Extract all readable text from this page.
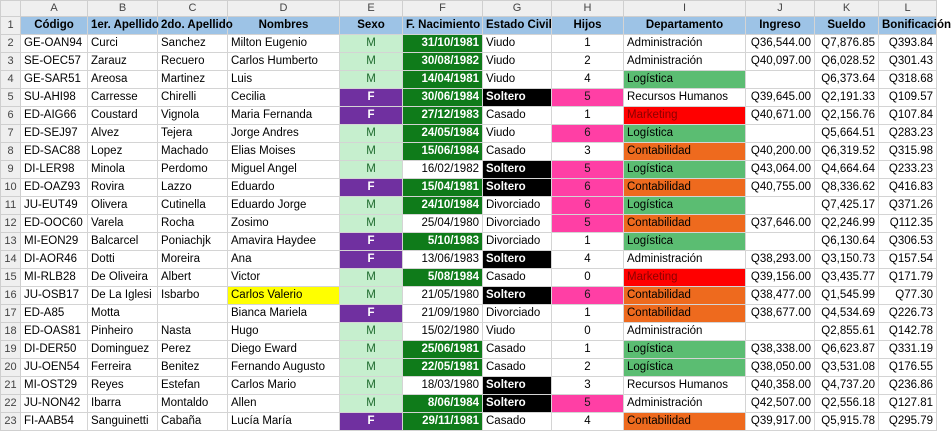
	A	B	C	D	E	F	G	H	I	J	K	L
1	Código	1er. Apellido	2do. Apellido	Nombres	Sexo	F. Nacimiento	Estado Civil	Hijos	Departamento	Ingreso	Sueldo	Bonificación
2	GE-OAN94	Curci	Sanchez	Milton Eugenio	M	31/10/1981	Viudo	1	Administración	Q36,544.00	Q7,876.85	Q393.84
3	SE-OEC57	Zarauz	Recuero	Carlos Humberto	M	30/08/1982	Viudo	2	Administración	Q40,097.00	Q6,028.52	Q301.43
4	GE-SAR51	Areosa	Martinez	Luis	M	14/04/1981	Viudo	4	Logística		Q6,373.64	Q318.68
5	SU-AHI98	Carresse	Chirelli	Cecilia	F	30/06/1984	Soltero	5	Recursos Humanos	Q39,645.00	Q2,191.33	Q109.57
6	ED-AIG66	Coustard	Vignola	Maria Fernanda	F	27/12/1983	Casado	1	Marketing	Q40,671.00	Q2,156.76	Q107.84
7	ED-SEJ97	Alvez	Tejera	Jorge Andres	M	24/05/1984	Viudo	6	Logística		Q5,664.51	Q283.23
8	ED-SAC88	Lopez	Machado	Elias Moises	M	15/06/1984	Casado	3	Contabilidad	Q40,200.00	Q6,319.52	Q315.98
9	DI-LER98	Minola	Perdomo	Miguel Angel	M	16/02/1982	Soltero	5	Logística	Q43,064.00	Q4,664.64	Q233.23
10	ED-OAZ93	Rovira	Lazzo	Eduardo	F	15/04/1981	Soltero	6	Contabilidad	Q40,755.00	Q8,336.62	Q416.83
11	JU-EUT49	Olivera	Cutinella	Eduardo Jorge	M	24/10/1984	Divorciado	6	Logística		Q7,425.17	Q371.26
12	ED-OOC60	Varela	Rocha	Zosimo	M	25/04/1980	Divorciado	5	Contabilidad	Q37,646.00	Q2,246.99	Q112.35
13	MI-EON29	Balcarcel	Poniachjk	Amavira Haydee	F	5/10/1983	Divorciado	1	Logística		Q6,130.64	Q306.53
14	DI-AOR46	Dotti	Moreira	Ana	F	13/06/1983	Soltero	4	Administración	Q38,293.00	Q3,150.73	Q157.54
15	MI-RLB28	De Oliveira	Albert	Victor	M	5/08/1984	Casado	0	Marketing	Q39,156.00	Q3,435.77	Q171.79
16	JU-OSB17	De La Iglesi	Isbarbo	Carlos Valerio	M	21/05/1980	Soltero	6	Contabilidad	Q38,477.00	Q1,545.99	Q77.30
17	ED-A85	Motta		Bianca Mariela	F	21/09/1980	Divorciado	1	Contabilidad	Q38,677.00	Q4,534.69	Q226.73
18	ED-OAS81	Pinheiro	Nasta	Hugo	M	15/02/1980	Viudo	0	Administración		Q2,855.61	Q142.78
19	DI-DER50	Dominguez	Perez	Diego Eward	M	25/06/1981	Casado	1	Logística	Q38,338.00	Q6,623.87	Q331.19
20	JU-OEN54	Ferreira	Benitez	Fernando Augusto	M	22/05/1981	Casado	2	Logística	Q38,050.00	Q3,531.08	Q176.55
21	MI-OST29	Reyes	Estefan	Carlos Mario	M	18/03/1980	Soltero	3	Recursos Humanos	Q40,358.00	Q4,737.20	Q236.86
22	JU-NON42	Ibarra	Montaldo	Allen	M	8/06/1984	Soltero	5	Administración	Q42,507.00	Q2,556.18	Q127.81
23	FI-AAB54	Sanguinetti	Cabaña	Lucía María	F	29/11/1981	Casado	4	Contabilidad	Q39,917.00	Q5,915.78	Q295.79
